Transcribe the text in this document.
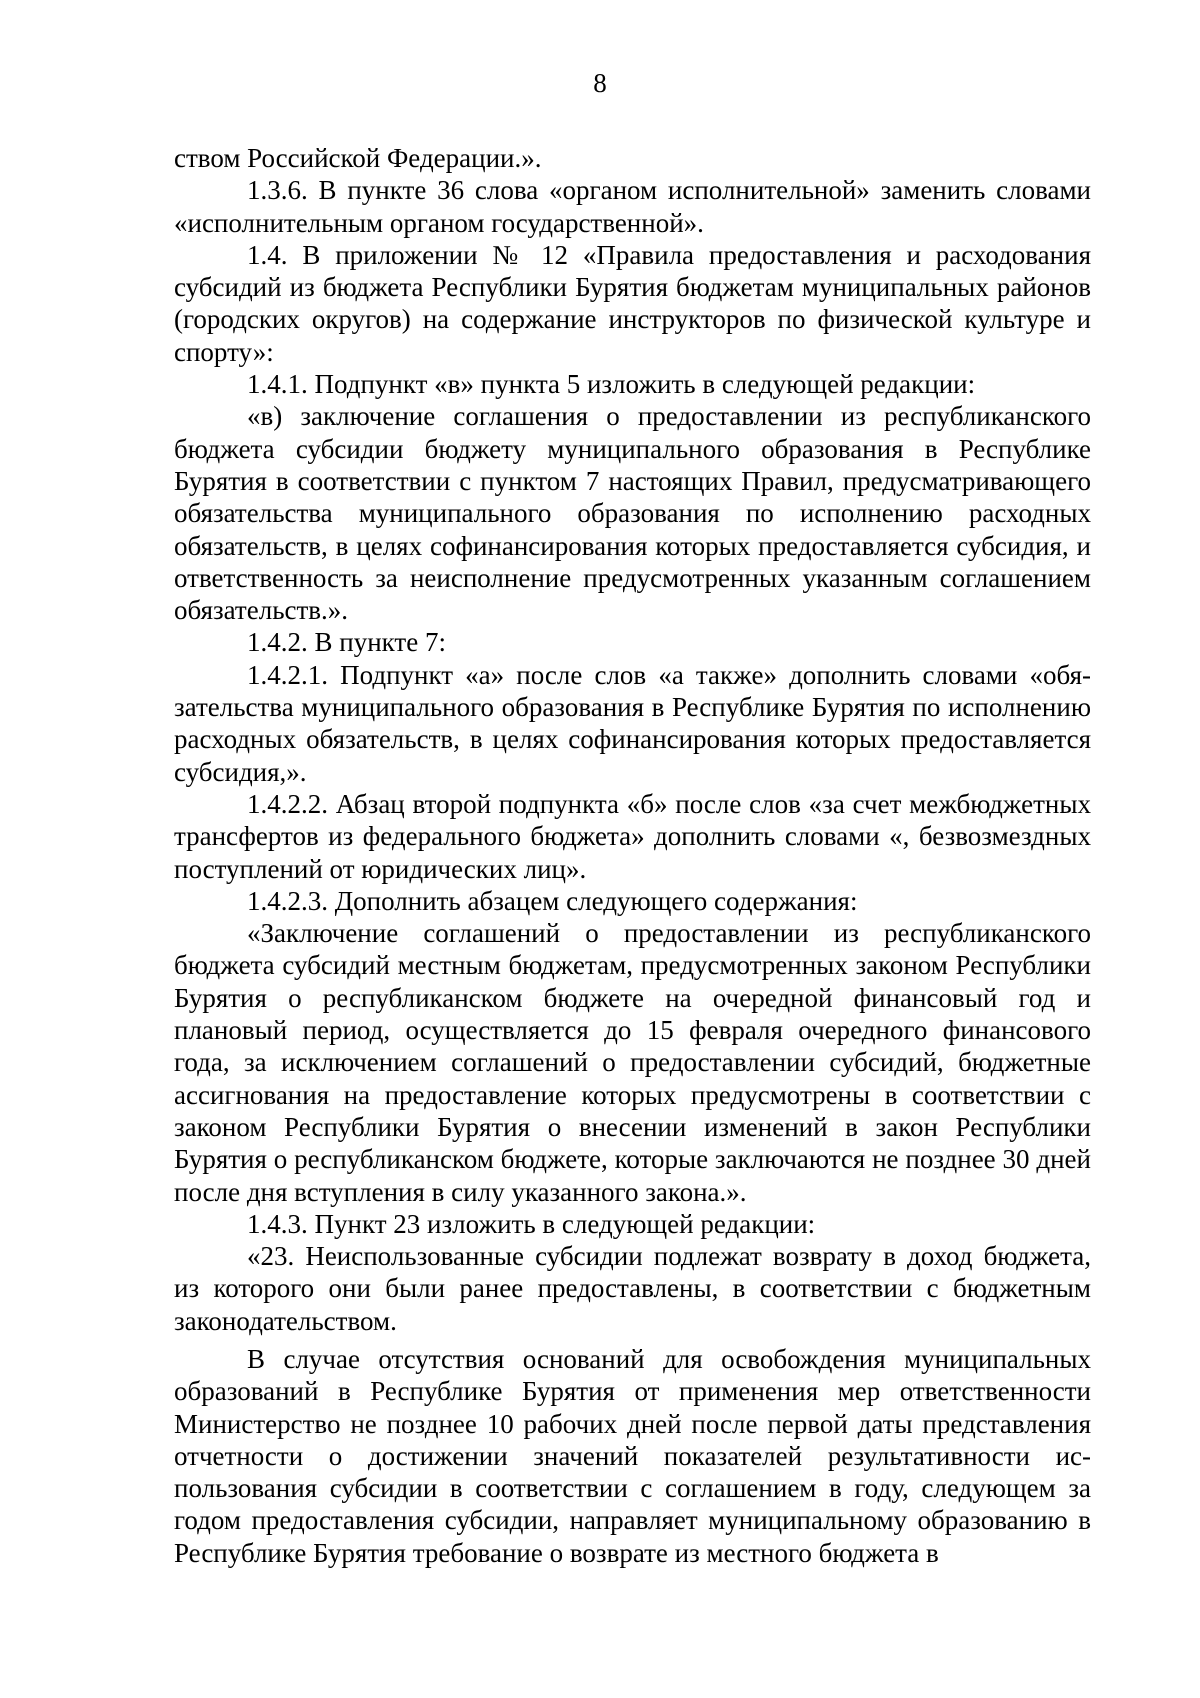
8

ством Российской Федерации.».

1.3.6. В пункте 36 слова «органом исполнительной» заменить словами «исполнительным органом государственной».

1.4. В приложении № 12 «Правила предоставления и расходования субсидий из бюджета Республики Бурятия бюджетам муниципальных районов (городских округов) на содержание инструкторов по физической культуре и спорту»:

1.4.1. Подпункт «в» пункта 5 изложить в следующей редакции:

«в) заключение соглашения о предоставлении из республиканского бюджета субсидии бюджету муниципального образования в Республике Бурятия в соответствии с пунктом 7 настоящих Правил, предусматривающего обязательства муниципального образования по исполнению расходных обязательств, в целях софинансирования которых предоставляется субсидия, и ответственность за неисполнение предусмотренных указанным соглашением обязательств.».

1.4.2. В пункте 7:

1.4.2.1. Подпункт «а» после слов «а также» дополнить словами «обязательства муниципального образования в Республике Бурятия по исполнению расходных обязательств, в целях софинансирования которых предоставляется субсидия,».

1.4.2.2. Абзац второй подпункта «б» после слов «за счет межбюджетных трансфертов из федерального бюджета» дополнить словами «, безвозмездных поступлений от юридических лиц».

1.4.2.3. Дополнить абзацем следующего содержания:

«Заключение соглашений о предоставлении из республиканского бюджета субсидий местным бюджетам, предусмотренных законом Республики Бурятия о республиканском бюджете на очередной финансовый год и плановый период, осуществляется до 15 февраля очередного финансового года, за исключением соглашений о предоставлении субсидий, бюджетные ассигнования на предоставление которых предусмотрены в соответствии с законом Республики Бурятия о внесении изменений в закон Республики Бурятия о республиканском бюджете, которые заключаются не позднее 30 дней после дня вступления в силу указанного закона.».

1.4.3. Пункт 23 изложить в следующей редакции:

«23. Неиспользованные субсидии подлежат возврату в доход бюджета, из которого они были ранее предоставлены, в соответствии с бюджетным законодательством.

В случае отсутствия оснований для освобождения муниципальных образований в Республике Бурятия от применения мер ответственности Министерство не позднее 10 рабочих дней после первой даты представления отчетности о достижении значений показателей результативности использования субсидии в соответствии с соглашением в году, следующем за годом предоставления субсидии, направляет муниципальному образованию в Республике Бурятия требование о возврате из местного бюджета в
